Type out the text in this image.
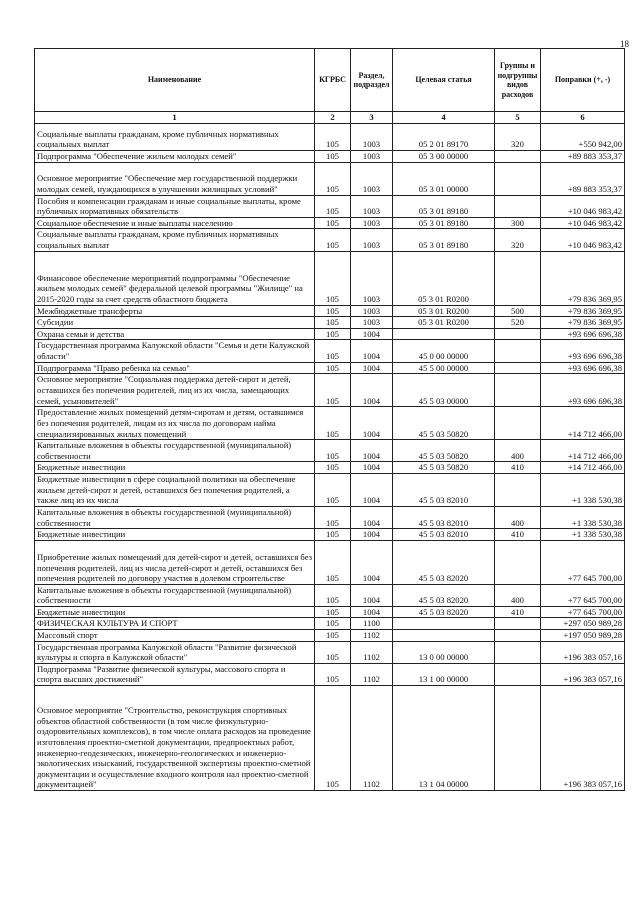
18
Наименование	КГРБС	Раздел, подраздел	Целевая статья	Группы и подгруппы видов расходов	Поправки (+, -)
1	2	3	4	5	6
Социальные выплаты гражданам, кроме публичных нормативных социальных выплат	105	1003	05 2 01 89170	320	+550 942,00
Подпрограмма "Обеспечение жильем молодых семей"	105	1003	05 3 00 00000		+89 883 353,37
Основное мероприятие "Обеспечение мер государственной поддержки молодых семей, нуждающихся в улучшении жилищных условий"	105	1003	05 3 01 00000		+89 883 353,37
Пособия и компенсации гражданам и иные социальные выплаты, кроме публичных нормативных обязательств	105	1003	05 3 01 89180		+10 046 983,42
Социальное обеспечение и иные выплаты населению	105	1003	05 3 01 89180	300	+10 046 983,42
Социальные выплаты гражданам, кроме публичных нормативных социальных выплат	105	1003	05 3 01 89180	320	+10 046 983,42
Финансовое обеспечение мероприятий подпрограммы "Обеспечение жильем молодых семей" федеральной целевой программы "Жилище" на 2015-2020 годы за счет средств областного бюджета	105	1003	05 3 01 R0200		+79 836 369,95
Межбюджетные трансферты	105	1003	05 3 01 R0200	500	+79 836 369,95
Субсидии	105	1003	05 3 01 R0200	520	+79 836 369,95
Охрана семьи и детства	105	1004			+93 696 696,38
Государственная программа Калужской области "Семья и дети Калужской области"	105	1004	45 0 00 00000		+93 696 696,38
Подпрограмма "Право ребенка на семью"	105	1004	45 5 00 00000		+93 696 696,38
Основное мероприятие "Социальная поддержка детей-сирот и детей, оставшихся без попечения родителей, лиц из их числа, замещающих семей, усыновителей"	105	1004	45 5 03 00000		+93 696 696,38
Предоставление жилых помещений детям-сиротам и детям, оставшимся без попечения родителей, лицам из их числа по договорам найма специализированных жилых помещений	105	1004	45 5 03 50820		+14 712 466,00
Капитальные вложения в объекты государственной (муниципальной) собственности	105	1004	45 5 03 50820	400	+14 712 466,00
Бюджетные инвестиции	105	1004	45 5 03 50820	410	+14 712 466,00
Бюджетные инвестиции в сфере социальной политики на обеспечение жильем детей-сирот и детей, оставшихся без попечения родителей, а также лиц из их числа	105	1004	45 5 03 82010		+1 338 530,38
Капитальные вложения в объекты государственной (муниципальной) собственности	105	1004	45 5 03 82010	400	+1 338 530,38
Бюджетные инвестиции	105	1004	45 5 03 82010	410	+1 338 530,38
Приобретение жилых помещений для детей-сирот и детей, оставшихся без попечения родителей, лиц из числа детей-сирот и детей, оставшихся без попечения родителей по договору участия в долевом строительстве	105	1004	45 5 03 82020		+77 645 700,00
Капитальные вложения в объекты государственной (муниципальной) собственности	105	1004	45 5 03 82020	400	+77 645 700,00
Бюджетные инвестиции	105	1004	45 5 03 82020	410	+77 645 700,00
ФИЗИЧЕСКАЯ КУЛЬТУРА И СПОРТ	105	1100			+297 050 989,28
Массовый спорт	105	1102			+197 050 989,28
Государственная программа Калужской области "Развитие физической культуры и спорта в Калужской области"	105	1102	13 0 00 00000		+196 383 057,16
Подпрограмма "Развитие физической культуры, массового спорта и спорта высших достижений"	105	1102	13 1 00 00000		+196 383 057,16
Основное мероприятие "Строительство, реконструкция спортивных объектов областной собственности (в том числе физкультурно-оздоровительных комплексов), в том числе оплата расходов на проведение изготовления проектно-сметной документации, предпроектных работ, инженерно-геодезических, инженерно-геологических и инженерно-экологических изысканий, государственной экспертизы проектно-сметной документации и осуществление входного контроля нал проектно-сметной документацией"	105	1102	13 1 04 00000		+196 383 057,16
